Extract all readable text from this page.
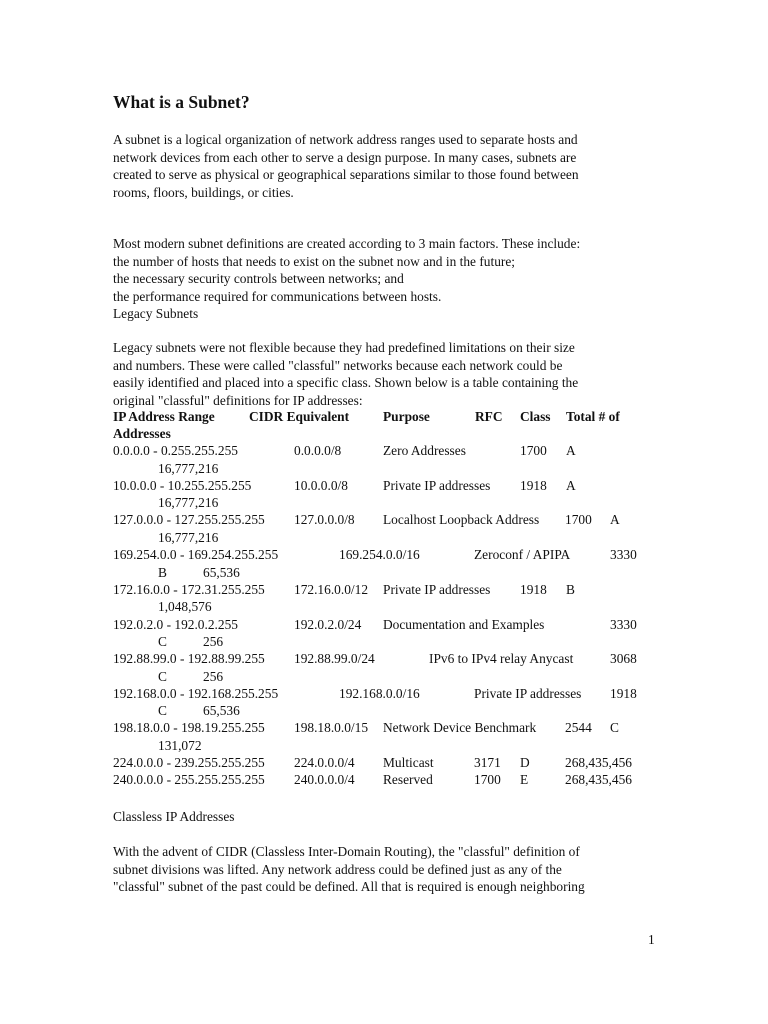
What is a Subnet?

A subnet is a logical organization of network address ranges used to separate hosts and
network devices from each other to serve a design purpose. In many cases, subnets are
created to serve as physical or geographical separations similar to those found between
rooms, floors, buildings, or cities.

Most modern subnet definitions are created according to 3 main factors. These include:
the number of hosts that needs to exist on the subnet now and in the future;
the necessary security controls between networks; and
the performance required for communications between hosts.
Legacy Subnets

Legacy subnets were not flexible because they had predefined limitations on their size
and numbers. These were called "classful" networks because each network could be
easily identified and placed into a specific class. Shown below is a table containing the
original "classful" definitions for IP addresses:

IP Address Range	CIDR Equivalent	Purpose	RFC Class Total # of
Addresses
0.0.0.0 - 0.255.255.255	0.0.0.0/8	Zero Addresses	1700 A
16,777,216
10.0.0.0 - 10.255.255.255	10.0.0.0/8	Private IP addresses 1918 A
16,777,216
127.0.0.0 - 127.255.255.255 127.0.0.0/8 Localhost Loopback Address 1700 A
16,777,216
169.254.0.0 - 169.254.255.255	169.254.0.0/16	Zeroconf / APIPA	3330
B	65,536
172.16.0.0 - 172.31.255.255 172.16.0.0/12 Private IP addresses 1918 B
1,048,576
192.0.2.0 - 192.0.2.255	192.0.2.0/24 Documentation and Examples	3330
C	256
192.88.99.0 - 192.88.99.255 192.88.99.0/24	IPv6 to IPv4 relay Anycast	3068
C	256
192.168.0.0 - 192.168.255.255	192.168.0.0/16	Private IP addresses 1918
C	65,536
198.18.0.0 - 198.19.255.255 198.18.0.0/15 Network Device Benchmark 2544 C
131,072
224.0.0.0 - 239.255.255.255 224.0.0.0/4 Multicast	3171 D	268,435,456
240.0.0.0 - 255.255.255.255 240.0.0.0/4 Reserved	1700 E	268,435,456

Classless IP Addresses

With the advent of CIDR (Classless Inter-Domain Routing), the "classful" definition of
subnet divisions was lifted. Any network address could be defined just as any of the
"classful" subnet of the past could be defined. All that is required is enough neighboring

1
